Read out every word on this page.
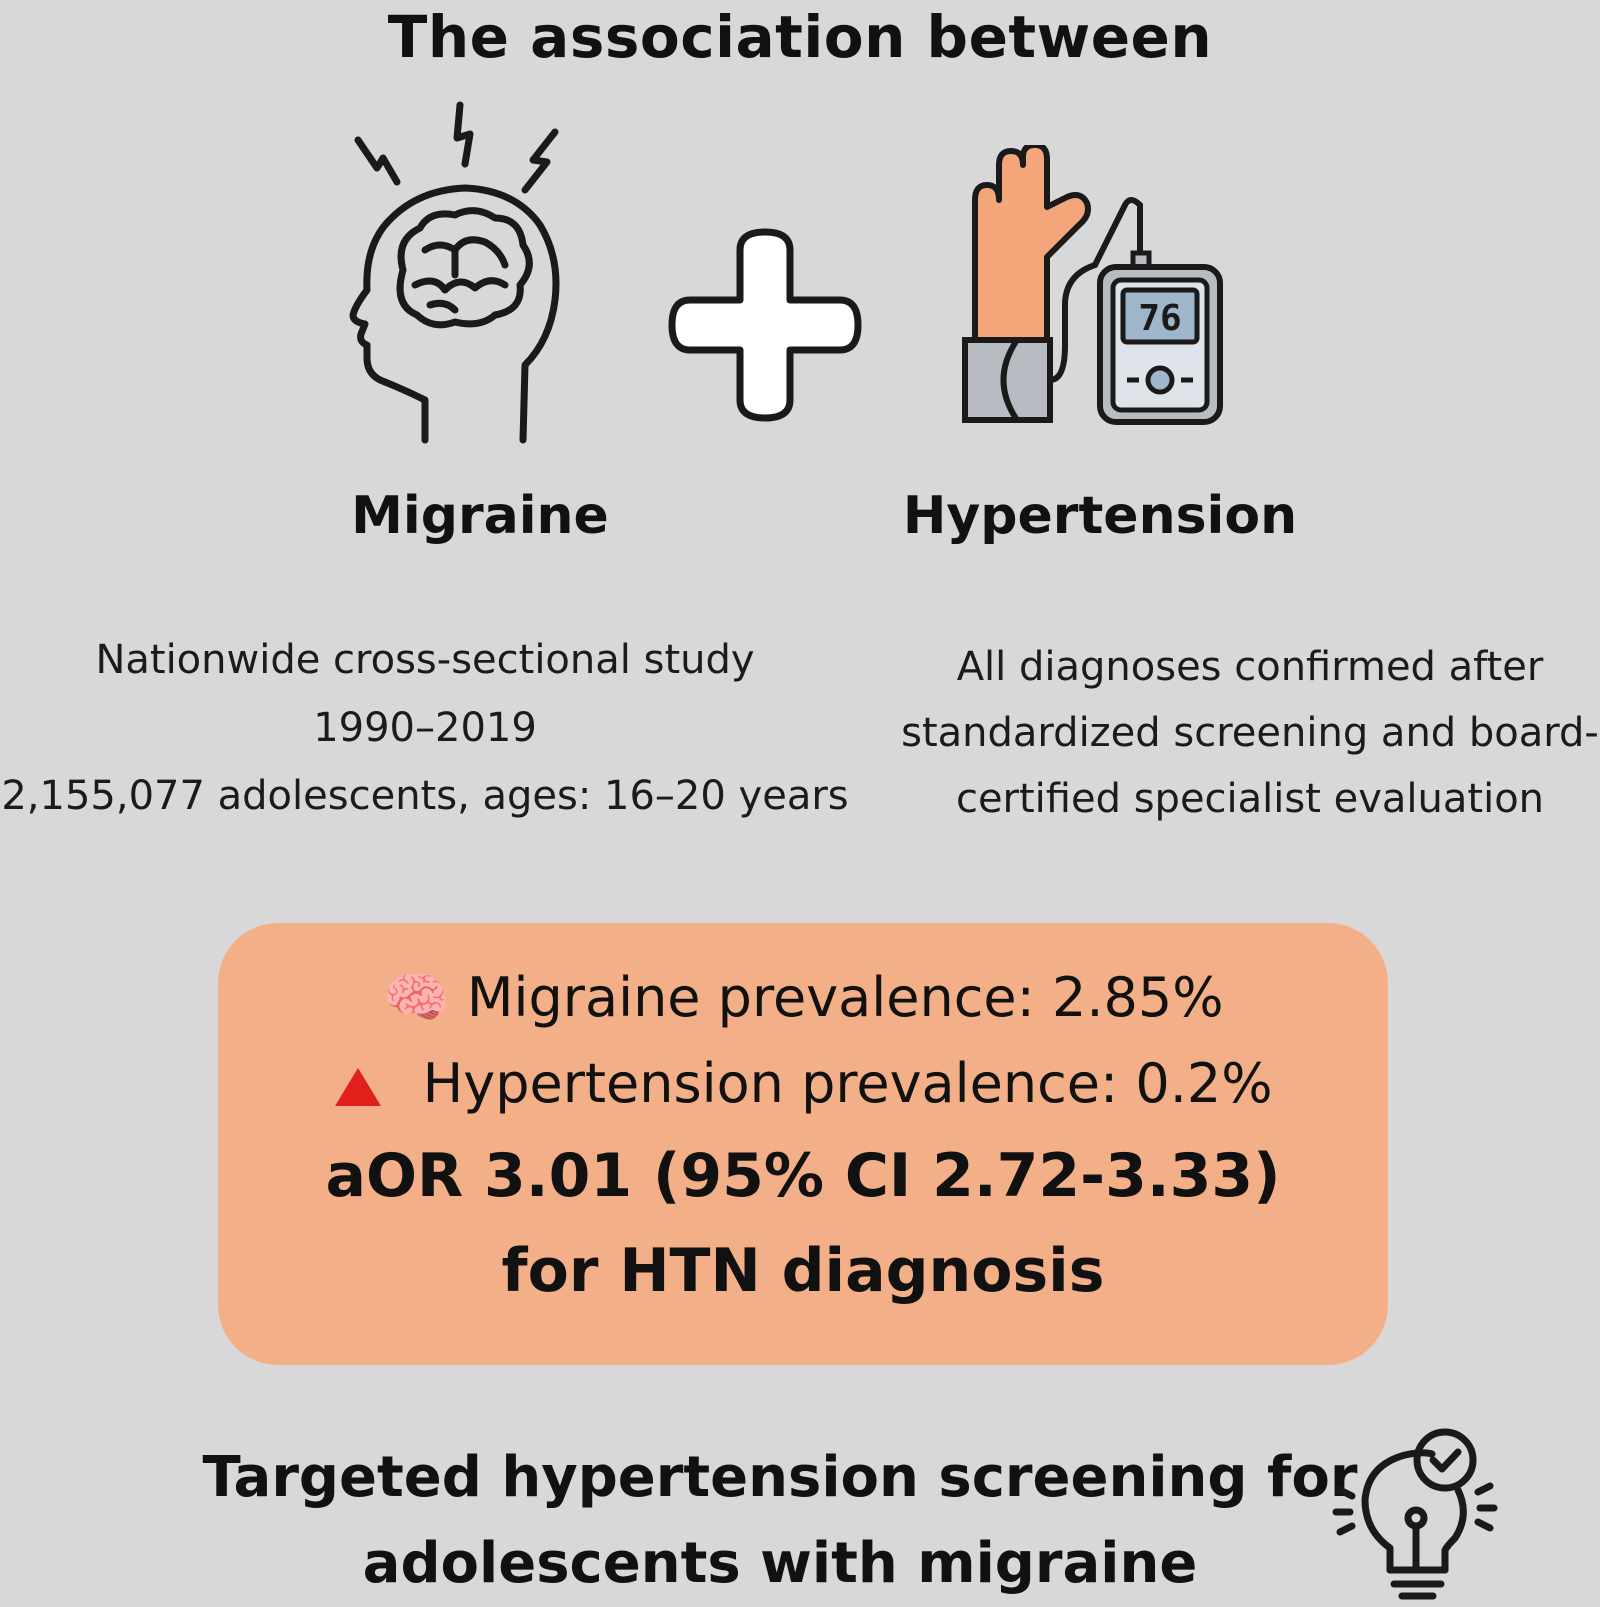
The association between
76
Migraine	Hypertension
Nationwide cross-sectional study
1990–2019
2,155,077 adolescents, ages: 16–20 years
All diagnoses confirmed after
standardized screening and board-
certified specialist evaluation
🧠 Migraine prevalence: 2.85%
Hypertension prevalence: 0.2%
aOR 3.01 (95% CI 2.72-3.33)
for HTN diagnosis
Targeted hypertension screening for
adolescents with migraine
